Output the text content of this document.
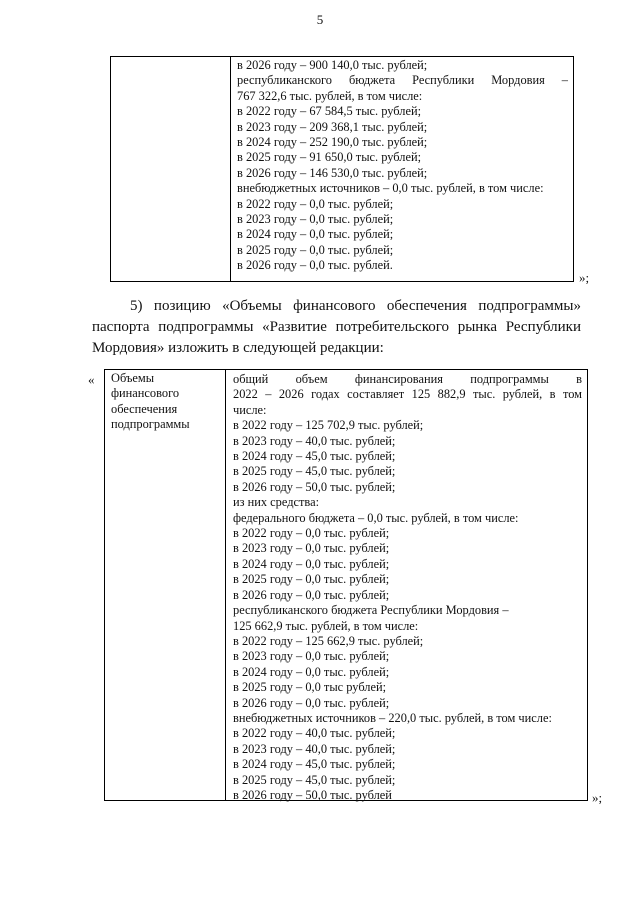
5
в 2026 году – 900 140,0 тыс. рублей;
республиканского бюджета Республики Мордовия –
767 322,6 тыс. рублей, в том числе:
в 2022 году – 67 584,5 тыс. рублей;
в 2023 году – 209 368,1 тыс. рублей;
в 2024 году – 252 190,0 тыс. рублей;
в 2025 году – 91 650,0 тыс. рублей;
в 2026 году – 146 530,0 тыс. рублей;
внебюджетных источников – 0,0 тыс. рублей, в том числе:
в 2022 году – 0,0 тыс. рублей;
в 2023 году – 0,0 тыс. рублей;
в 2024 году – 0,0 тыс. рублей;
в 2025 году – 0,0 тыс. рублей;
в 2026 году – 0,0 тыс. рублей.
»;
5) позицию «Объемы финансового обеспечения подпрограммы»
паспорта подпрограммы «Развитие потребительского рынка Республики
Мордовия» изложить в следующей редакции:
« Объемы
финансового
обеспечения
подпрограммы
общий объем финансирования подпрограммы в
2022 – 2026 годах составляет 125 882,9 тыс. рублей, в том
числе:
в 2022 году – 125 702,9 тыс. рублей;
в 2023 году – 40,0 тыс. рублей;
в 2024 году – 45,0 тыс. рублей;
в 2025 году – 45,0 тыс. рублей;
в 2026 году – 50,0 тыс. рублей;
из них средства:
федерального бюджета – 0,0 тыс. рублей, в том числе:
в 2022 году – 0,0 тыс. рублей;
в 2023 году – 0,0 тыс. рублей;
в 2024 году – 0,0 тыс. рублей;
в 2025 году – 0,0 тыс. рублей;
в 2026 году – 0,0 тыс. рублей;
республиканского бюджета Республики Мордовия –
125 662,9 тыс. рублей, в том числе:
в 2022 году – 125 662,9 тыс. рублей;
в 2023 году – 0,0 тыс. рублей;
в 2024 году – 0,0 тыс. рублей;
в 2025 году – 0,0 тыс рублей;
в 2026 году – 0,0 тыс. рублей;
внебюджетных источников – 220,0 тыс. рублей, в том числе:
в 2022 году – 40,0 тыс. рублей;
в 2023 году – 40,0 тыс. рублей;
в 2024 году – 45,0 тыс. рублей;
в 2025 году – 45,0 тыс. рублей;
в 2026 году – 50,0 тыс. рублей	»;
